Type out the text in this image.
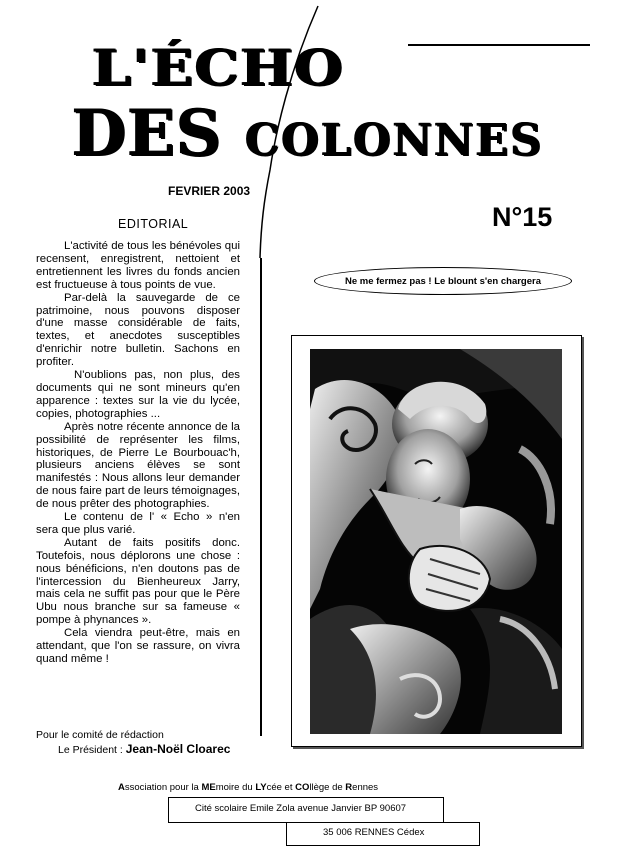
L'ÉCHO
DES COLONNES
FEVRIER 2003
EDITORIAL	N°15

L'activité de tous les bénévoles qui recensent, enregistrent, nettoient et entretiennent les livres du fonds ancien est fructueuse à tous points de vue.

Par-delà la sauvegarde de ce patrimoine, nous pouvons disposer d'une masse considérable de faits, textes, et anecdotes susceptibles d'enrichir notre bulletin. Sachons en profiter.

N'oublions pas, non plus, des documents qui ne sont mineurs qu'en apparence : textes sur la vie du lycée, copies, photographies ...

Après notre récente annonce de la possibilité de représenter les films, historiques, de Pierre Le Bourbouac'h, plusieurs anciens élèves se sont manifestés : Nous allons leur demander de nous faire part de leurs témoignages, de nous prêter des photographies.

Le contenu de l' « Echo » n'en sera que plus varié.

Autant de faits positifs donc. Toutefois, nous déplorons une chose : nous bénéficions, n'en doutons pas de l'intercession du Bienheureux Jarry, mais cela ne suffit pas pour que le Père Ubu nous branche sur sa fameuse « pompe à phynances ».

Cela viendra peut-être, mais en attendant, que l'on se rassure, on vivra quand même !

Pour le comité de rédaction
Le Président : Jean-Noël Cloarec
Ne me fermez pas ! Le blount s'en chargera
Association pour la MEmoire du LYcée et COllège de Rennes
Cité scolaire Emile Zola avenue Janvier BP 90607
35 006 RENNES Cédex
